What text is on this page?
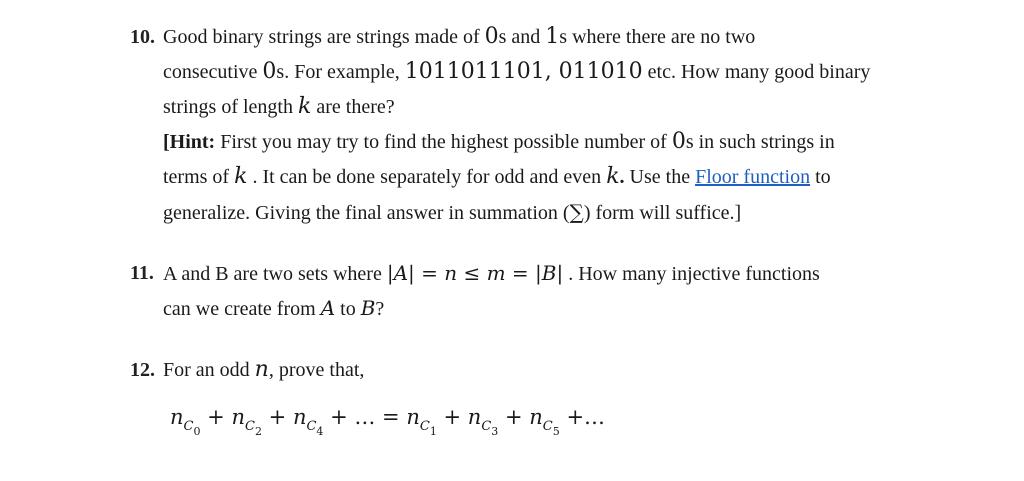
10. Good binary strings are strings made of 0s and 1s where there are no two
consecutive 0s. For example, 1011011101, 011010 etc. How many good binary
strings of length k are there?
[Hint: First you may try to find the highest possible number of 0s in such strings in
terms of k . It can be done separately for odd and even k. Use the Floor function to
generalize. Giving the final answer in summation (∑) form will suffice.]
11. A and B are two sets where |A| = n ≤ m = |B| . How many injective functions
can we create from A to B?
12. For an odd n, prove that,
$n_{C_0} + n_{C_2} + n_{C_4}$ + … = $n_{C_1} + n_{C_3} + n_{C_5}$ +…
